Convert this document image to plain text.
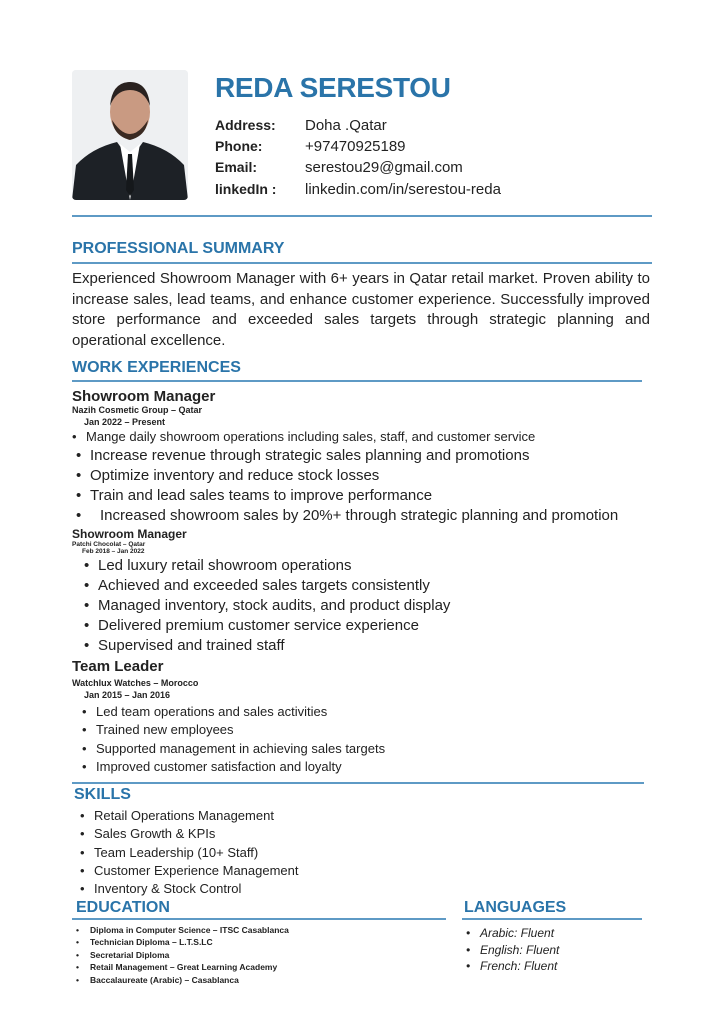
REDA SERESTOU
Address: Doha .Qatar
Phone:	+97470925189
Email:	serestou29@gmail.com
linkedIn : linkedin.com/in/serestou-reda
PROFESSIONAL SUMMARY
Experienced Showroom Manager with 6+ years in Qatar retail market. Proven ability to increase sales, lead teams, and enhance customer experience. Successfully improved store performance and exceeded sales targets through strategic planning and operational excellence.
WORK EXPERIENCES
Showroom Manager
Nazih Cosmetic Group – Qatar
Jan 2022 – Present
• Mange daily showroom operations including sales, staff, and customer service
• Increase revenue through strategic sales planning and promotions
• Optimize inventory and reduce stock losses
• Train and lead sales teams to improve performance
• Increased showroom sales by 20%+ through strategic planning and promotion
Showroom Manager
Patchi Chocolat – Qatar
Feb 2018 – Jan 2022
• Led luxury retail showroom operations
• Achieved and exceeded sales targets consistently
• Managed inventory, stock audits, and product display
• Delivered premium customer service experience
• Supervised and trained staff
Team Leader
Watchlux Watches – Morocco
Jan 2015 – Jan 2016
• Led team operations and sales activities
• Trained new employees
• Supported management in achieving sales targets
• Improved customer satisfaction and loyalty
SKILLS
• Retail Operations Management
• Sales Growth & KPIs
• Team Leadership (10+ Staff)
• Customer Experience Management
• Inventory & Stock Control
EDUCATION
• Diploma in Computer Science – ITSC Casablanca
• Technician Diploma – L.T.S.LC
• Secretarial Diploma
• Retail Management – Great Learning Academy
• Baccalaureate (Arabic) – Casablanca
LANGUAGES
• Arabic: Fluent
• English: Fluent
• French: Fluent
